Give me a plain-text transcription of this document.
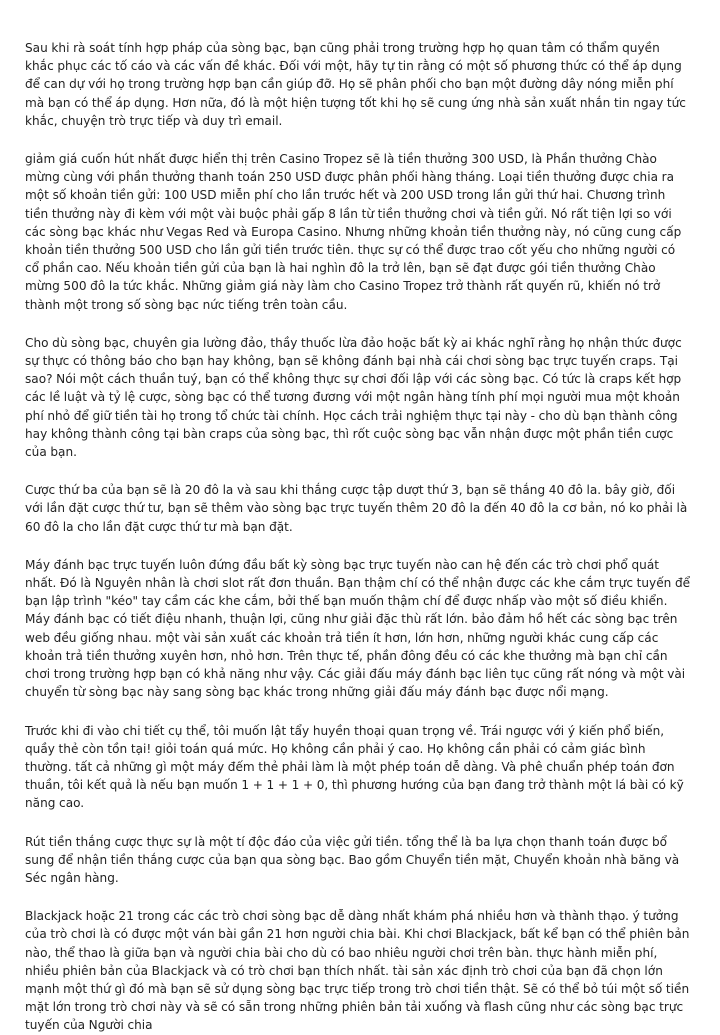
Sau khi rà soát tính hợp pháp của sòng bạc, bạn cũng phải trong trường hợp họ quan tâm có thẩm quyền khắc phục các tố cáo và các vấn đề khác. Đối với một, hãy tự tin rằng có một số phương thức có thể áp dụng để can dự với họ trong trường hợp bạn cần giúp đỡ. Họ sẽ phân phối cho bạn một đường dây nóng miễn phí mà bạn có thể áp dụng. Hơn nữa, đó là một hiện tượng tốt khi họ sẽ cung ứng nhà sản xuất nhắn tin ngay tức khắc, chuyện trò trực tiếp và duy trì email.

giảm giá cuốn hút nhất được hiển thị trên Casino Tropez sẽ là tiền thưởng 300 USD, là Phần thưởng Chào mừng cùng với phần thưởng thanh toán 250 USD được phân phối hàng tháng. Loại tiền thưởng được chia ra một số khoản tiền gửi: 100 USD miễn phí cho lần trước hết và 200 USD trong lần gửi thứ hai. Chương trình tiền thưởng này đi kèm với một vài buộc phải gấp 8 lần từ tiền thưởng chơi và tiền gửi. Nó rất tiện lợi so với các sòng bạc khác như Vegas Red và Europa Casino. Nhưng những khoản tiền thưởng này, nó cũng cung cấp khoản tiền thưởng 500 USD cho lần gửi tiền trước tiên. thực sự có thể được trao cốt yếu cho những người có cổ phần cao. Nếu khoản tiền gửi của bạn là hai nghìn đô la trở lên, bạn sẽ đạt được gói tiền thưởng Chào mừng 500 đô la tức khắc. Những giảm giá này làm cho Casino Tropez trở thành rất quyến rũ, khiến nó trở thành một trong số sòng bạc nức tiếng trên toàn cầu.

Cho dù sòng bạc, chuyên gia lường đảo, thầy thuốc lừa đảo hoặc bất kỳ ai khác nghĩ rằng họ nhận thức được sự thực có thông báo cho bạn hay không, bạn sẽ không đánh bại nhà cái chơi sòng bạc trực tuyến craps. Tại sao? Nói một cách thuần tuý, bạn có thể không thực sự chơi đối lập với các sòng bạc. Có tức là craps kết hợp các lề luật và tỷ lệ cược, sòng bạc có thể tương đương với một ngân hàng tính phí mọi người mua một khoản phí nhỏ để giữ tiền tài họ trong tổ chức tài chính. Học cách trải nghiệm thực tại này - cho dù bạn thành công hay không thành công tại bàn craps của sòng bạc, thì rốt cuộc sòng bạc vẫn nhận được một phần tiền cược của bạn.

Cược thứ ba của bạn sẽ là 20 đô la và sau khi thắng cược tập dượt thứ 3, bạn sẽ thắng 40 đô la. bây giờ, đối với lần đặt cược thứ tư, bạn sẽ thêm vào sòng bạc trực tuyến thêm 20 đô la đến 40 đô la cơ bản, nó ko phải là 60 đô la cho lần đặt cược thứ tư mà bạn đặt.

Máy đánh bạc trực tuyến luôn đứng đầu bất kỳ sòng bạc trực tuyến nào can hệ đến các trò chơi phổ quát nhất. Đó là Nguyên nhân là chơi slot rất đơn thuần. Bạn thậm chí có thể nhận được các khe cắm trực tuyến để bạn lập trình "kéo" tay cầm các khe cắm, bởi thế bạn muốn thậm chí để được nhấp vào một số điều khiển. Máy đánh bạc có tiết điệu nhanh, thuận lợi, cũng như giải đặc thù rất lớn. bảo đảm hồ hết các sòng bạc trên web đều giống nhau. một vài sản xuất các khoản trả tiền ít hơn, lớn hơn, những người khác cung cấp các khoản trả tiền thưởng xuyên hơn, nhỏ hơn. Trên thực tế, phần đông đều có các khe thưởng mà bạn chỉ cần chơi trong trường hợp bạn có khả năng như vậy. Các giải đấu máy đánh bạc liên tục cũng rất nóng và một vài chuyển từ sòng bạc này sang sòng bạc khác trong những giải đấu máy đánh bạc được nổi mạng.

Trước khi đi vào chi tiết cụ thể, tôi muốn lật tẩy huyền thoại quan trọng về. Trái ngược với ý kiến phổ biến, quầy thẻ còn tồn tại! giỏi toán quá mức. Họ không cần phải ý cao. Họ không cần phải có cảm giác bình thường. tất cả những gì một máy đếm thẻ phải làm là một phép toán dễ dàng. Và phê chuẩn phép toán đơn thuần, tôi kết quả là nếu bạn muốn 1 + 1 + 1 + 0, thì phương hướng của bạn đang trở thành một lá bài có kỹ năng cao.

Rút tiền thắng cược thực sự là một tí độc đáo của việc gửi tiền. tổng thể là ba lựa chọn thanh toán được bổ sung để nhận tiền thắng cược của bạn qua sòng bạc. Bao gồm Chuyển tiền mặt, Chuyển khoản nhà băng và Séc ngân hàng.

Blackjack hoặc 21 trong các các trò chơi sòng bạc dễ dàng nhất khám phá nhiều hơn và thành thạo. ý tưởng của trò chơi là có được một ván bài gần 21 hơn người chia bài. Khi chơi Blackjack, bất kể bạn có thể phiên bản nào, thể thao là giữa bạn và người chia bài cho dù có bao nhiêu người chơi trên bàn. thực hành miễn phí, nhiều phiên bản của Blackjack và có trò chơi bạn thích nhất. tài sản xác định trò chơi của bạn đã chọn lớn mạnh một thứ gì đó mà bạn sẽ sử dụng sòng bạc trực tiếp trong trò chơi tiền thật. Sẽ có thể bỏ túi một số tiền mặt lớn trong trò chơi này và sẽ có sẵn trong những phiên bản tải xuống và flash cũng như các sòng bạc trực tuyến của Người chia
